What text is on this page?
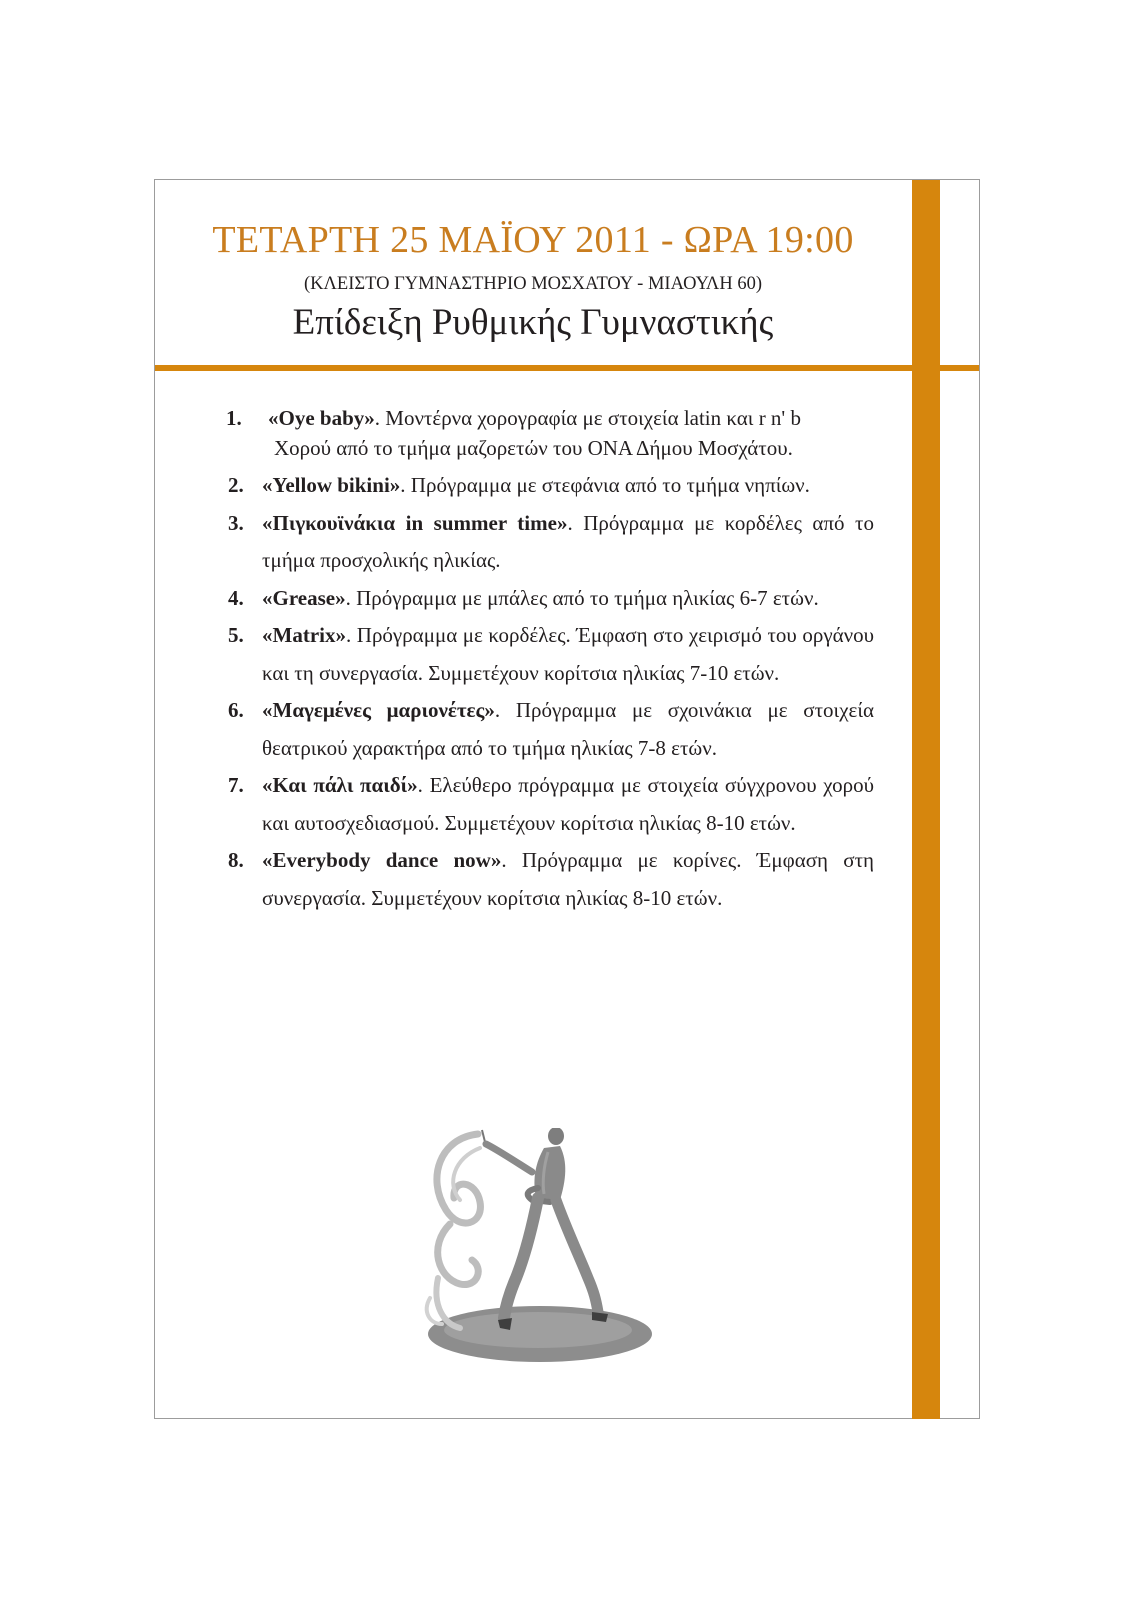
ΤΕΤΑΡΤΗ 25 ΜΑΪΟΥ 2011 - ΩΡΑ 19:00
(ΚΛΕΙΣΤΟ ΓΥΜΝΑΣΤΗΡΙΟ ΜΟΣΧΑΤΟΥ - ΜΙΑΟΥΛΗ 60)
Επίδειξη Ρυθμικής Γυμναστικής
1. «Oye baby». Μοντέρνα χορογραφία με στοιχεία latin και r n' b
Χορού από το τμήμα μαζορετών του ΟΝΑ Δήμου Μοσχάτου.
2. «Yellow bikini». Πρόγραμμα με στεφάνια από το τμήμα νηπίων.
3. «Πιγκουϊνάκια in summer time». Πρόγραμμα με κορδέλες από το τμήμα προσχολικής ηλικίας.
4. «Grease». Πρόγραμμα με μπάλες από το τμήμα ηλικίας 6-7 ετών.
5. «Matrix». Πρόγραμμα με κορδέλες. Έμφαση στο χειρισμό του οργάνου και τη συνεργασία. Συμμετέχουν κορίτσια ηλικίας 7-10 ετών.
6. «Μαγεμένες μαριονέτες». Πρόγραμμα με σχοινάκια με στοιχεία θεατρικού χαρακτήρα από το τμήμα ηλικίας 7-8 ετών.
7. «Και πάλι παιδί». Ελεύθερο πρόγραμμα με στοιχεία σύγχρονου χορού και αυτοσχεδιασμού. Συμμετέχουν κορίτσια ηλικίας 8-10 ετών.
8. «Everybody dance now». Πρόγραμμα με κορίνες. Έμφαση στη συνεργασία. Συμμετέχουν κορίτσια ηλικίας 8-10 ετών.
